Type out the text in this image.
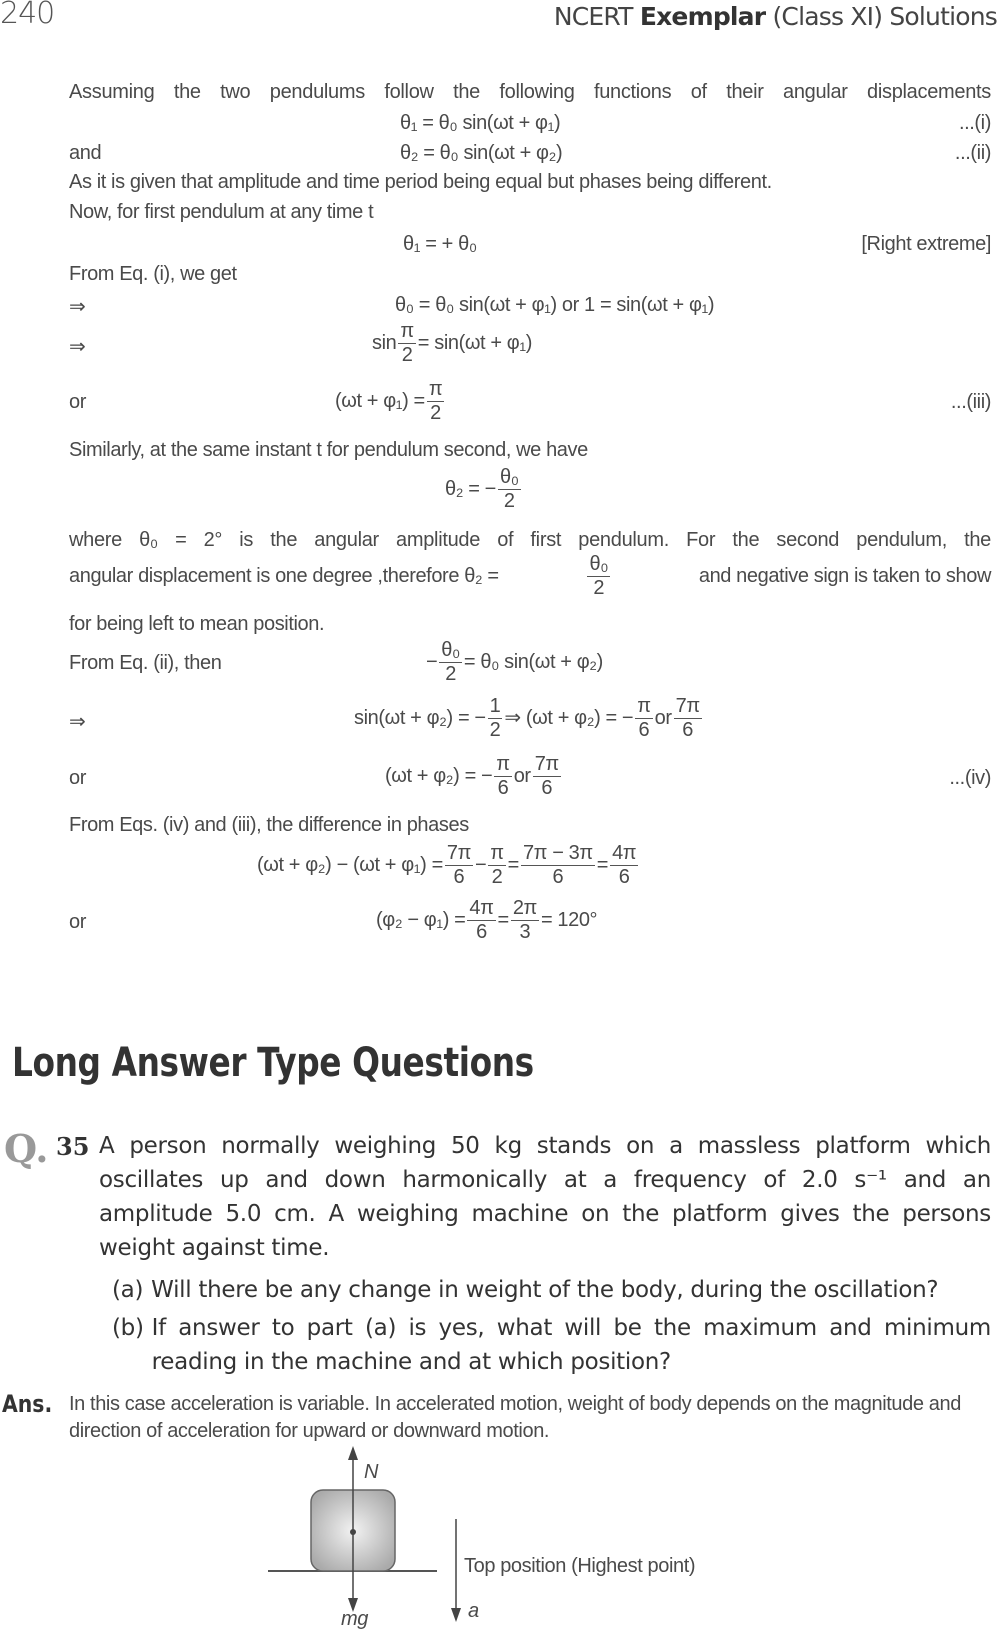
240	NCERT Exemplar (Class XI) Solutions
Assuming the two pendulums follow the following functions of their angular displacements
θ₁ = θ₀ sin(ωt + φ₁)	...(i)
and	θ₂ = θ₀ sin(ωt + φ₂)	...(ii)
As it is given that amplitude and time period being equal but phases being different.
Now, for first pendulum at any time t
θ₁ = + θ₀	[Right extreme]
From Eq. (i), we get
⇒	θ₀ = θ₀ sin(ωt + φ₁) or 1 = sin(ωt + φ₁)
⇒	$\sin \frac{\pi}{2} = \sin(\omega t + \varphi_1)$
or	$(\omega t + \varphi_1) = \frac{\pi}{2}$	...(iii)
Similarly, at the same instant t for pendulum second, we have
θ₂ = − $\frac{\text{θ₀}}{2}$
where θ₀ = 2° is the angular amplitude of first pendulum. For the second pendulum, the
angular displacement is one degree ,therefore θ₂ =	$\frac{\text{θ₀}}{2}$	and negative sign is taken to show
for being left to mean position.
From Eq. (ii), then	− $\frac{\text{θ₀}}{2} = \theta_0$ sin(ωt + φ₂)
⇒	sin(ωt + φ₂) = − $\frac{1}{2}$ ⇒ (ωt + φ₂) = − $\frac{\pi}{6}$ or $\frac{7\pi}{6}$
or	(ωt + φ₂) = − $\frac{\pi}{6}$ or $\frac{7\pi}{6}$	...(iv)
From Eqs. (iv) and (iii), the difference in phases
$(\omega t + \varphi_2) - (\omega t + \varphi_1) = \frac{7\pi}{6} - \frac{\pi}{2} = \frac{7\pi - 3\pi}{6} = \frac{4\pi}{6}$
or	$(\varphi_2 - \varphi_1) = \frac{4\pi}{6} = \frac{2\pi}{3} = 120^\circ$
Long Answer Type Questions
Q. 35 A person normally weighing 50 kg stands on a massless platform which oscillates up and down harmonically at a frequency of 2.0 s⁻¹ and an amplitude 5.0 cm. A weighing machine on the platform gives the persons weight against time.
(a) Will there be any change in weight of the body, during the oscillation?
(b) If answer to part (a) is yes, what will be the maximum and minimum reading in the machine and at which position?
Ans. In this case acceleration is variable. In accelerated motion, weight of body depends on the magnitude and direction of acceleration for upward or downward motion.
N
mg	a
Top position (Highest point)
